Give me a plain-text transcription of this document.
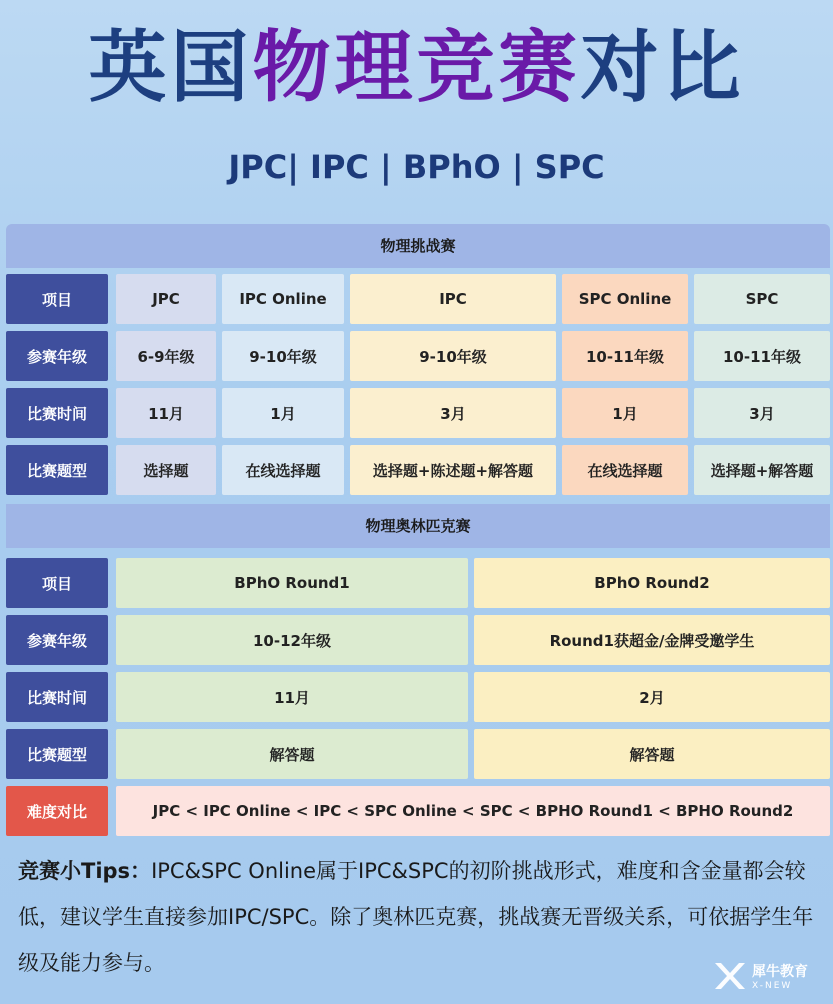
英国物理竞赛对比
JPC| IPC | BPhO | SPC
物理挑战赛
项目	JPC	IPC Online	IPC	SPC Online	SPC
参赛年级	6-9年级	9-10年级	9-10年级	10-11年级	10-11年级
比赛时间	11月	1月	3月	1月	3月
比赛题型	选择题	在线选择题	选择题+陈述题+解答题	在线选择题	选择题+解答题
物理奥林匹克赛
项目	BPhO Round1	BPhO Round2
参赛年级	10-12年级	Round1获超金/金牌受邀学生
比赛时间	11月	2月
比赛题型	解答题	解答题
难度对比	JPC < IPC Online < IPC < SPC Online < SPC < BPHO Round1 < BPHO Round2
竞赛小Tips：IPC&SPC Online属于IPC&SPC的初阶挑战形式，难度和含金量都会较低，建议学生直接参加IPC/SPC。除了奥林匹克赛，挑战赛无晋级关系，可依据学生年级及能力参与。	犀牛教育
X-NEW
